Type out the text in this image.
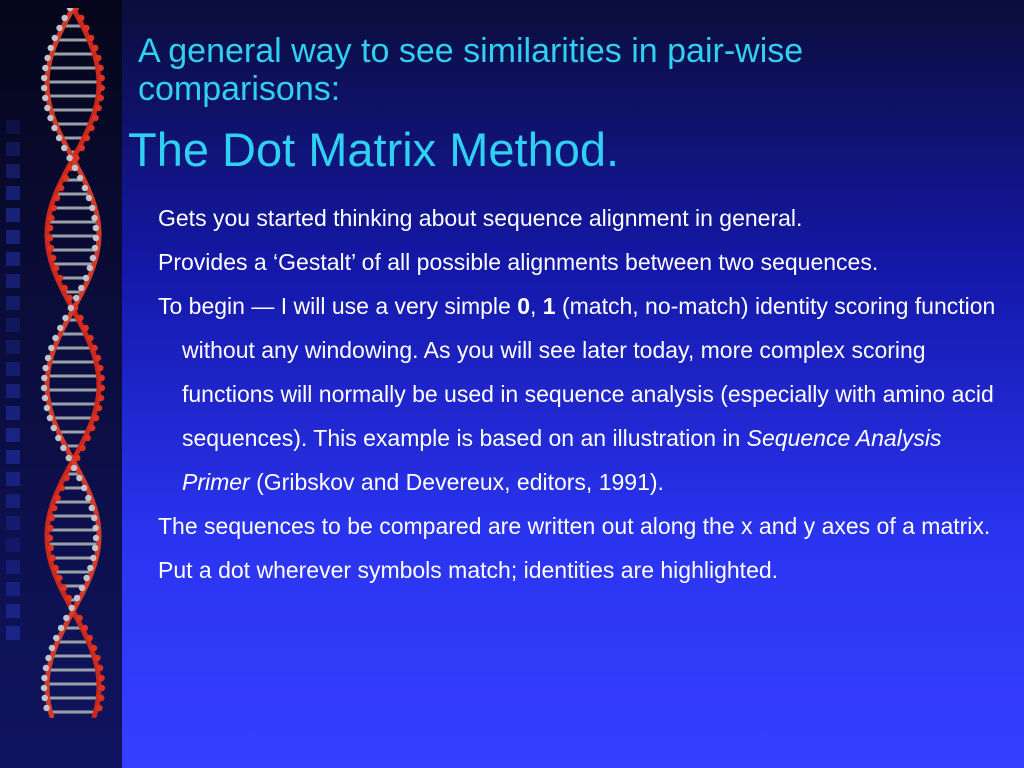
A general way to see similarities in pair-wise comparisons:
The Dot Matrix Method.

Gets you started thinking about sequence alignment in general.

Provides a ‘Gestalt’ of all possible alignments between two sequences.

To begin — I will use a very simple 0, 1 (match, no-match) identity scoring function without any windowing. As you will see later today, more complex scoring functions will normally be used in sequence analysis (especially with amino acid sequences). This example is based on an illustration in Sequence Analysis Primer (Gribskov and Devereux, editors, 1991).

The sequences to be compared are written out along the x and y axes of a matrix.

Put a dot wherever symbols match; identities are highlighted.
